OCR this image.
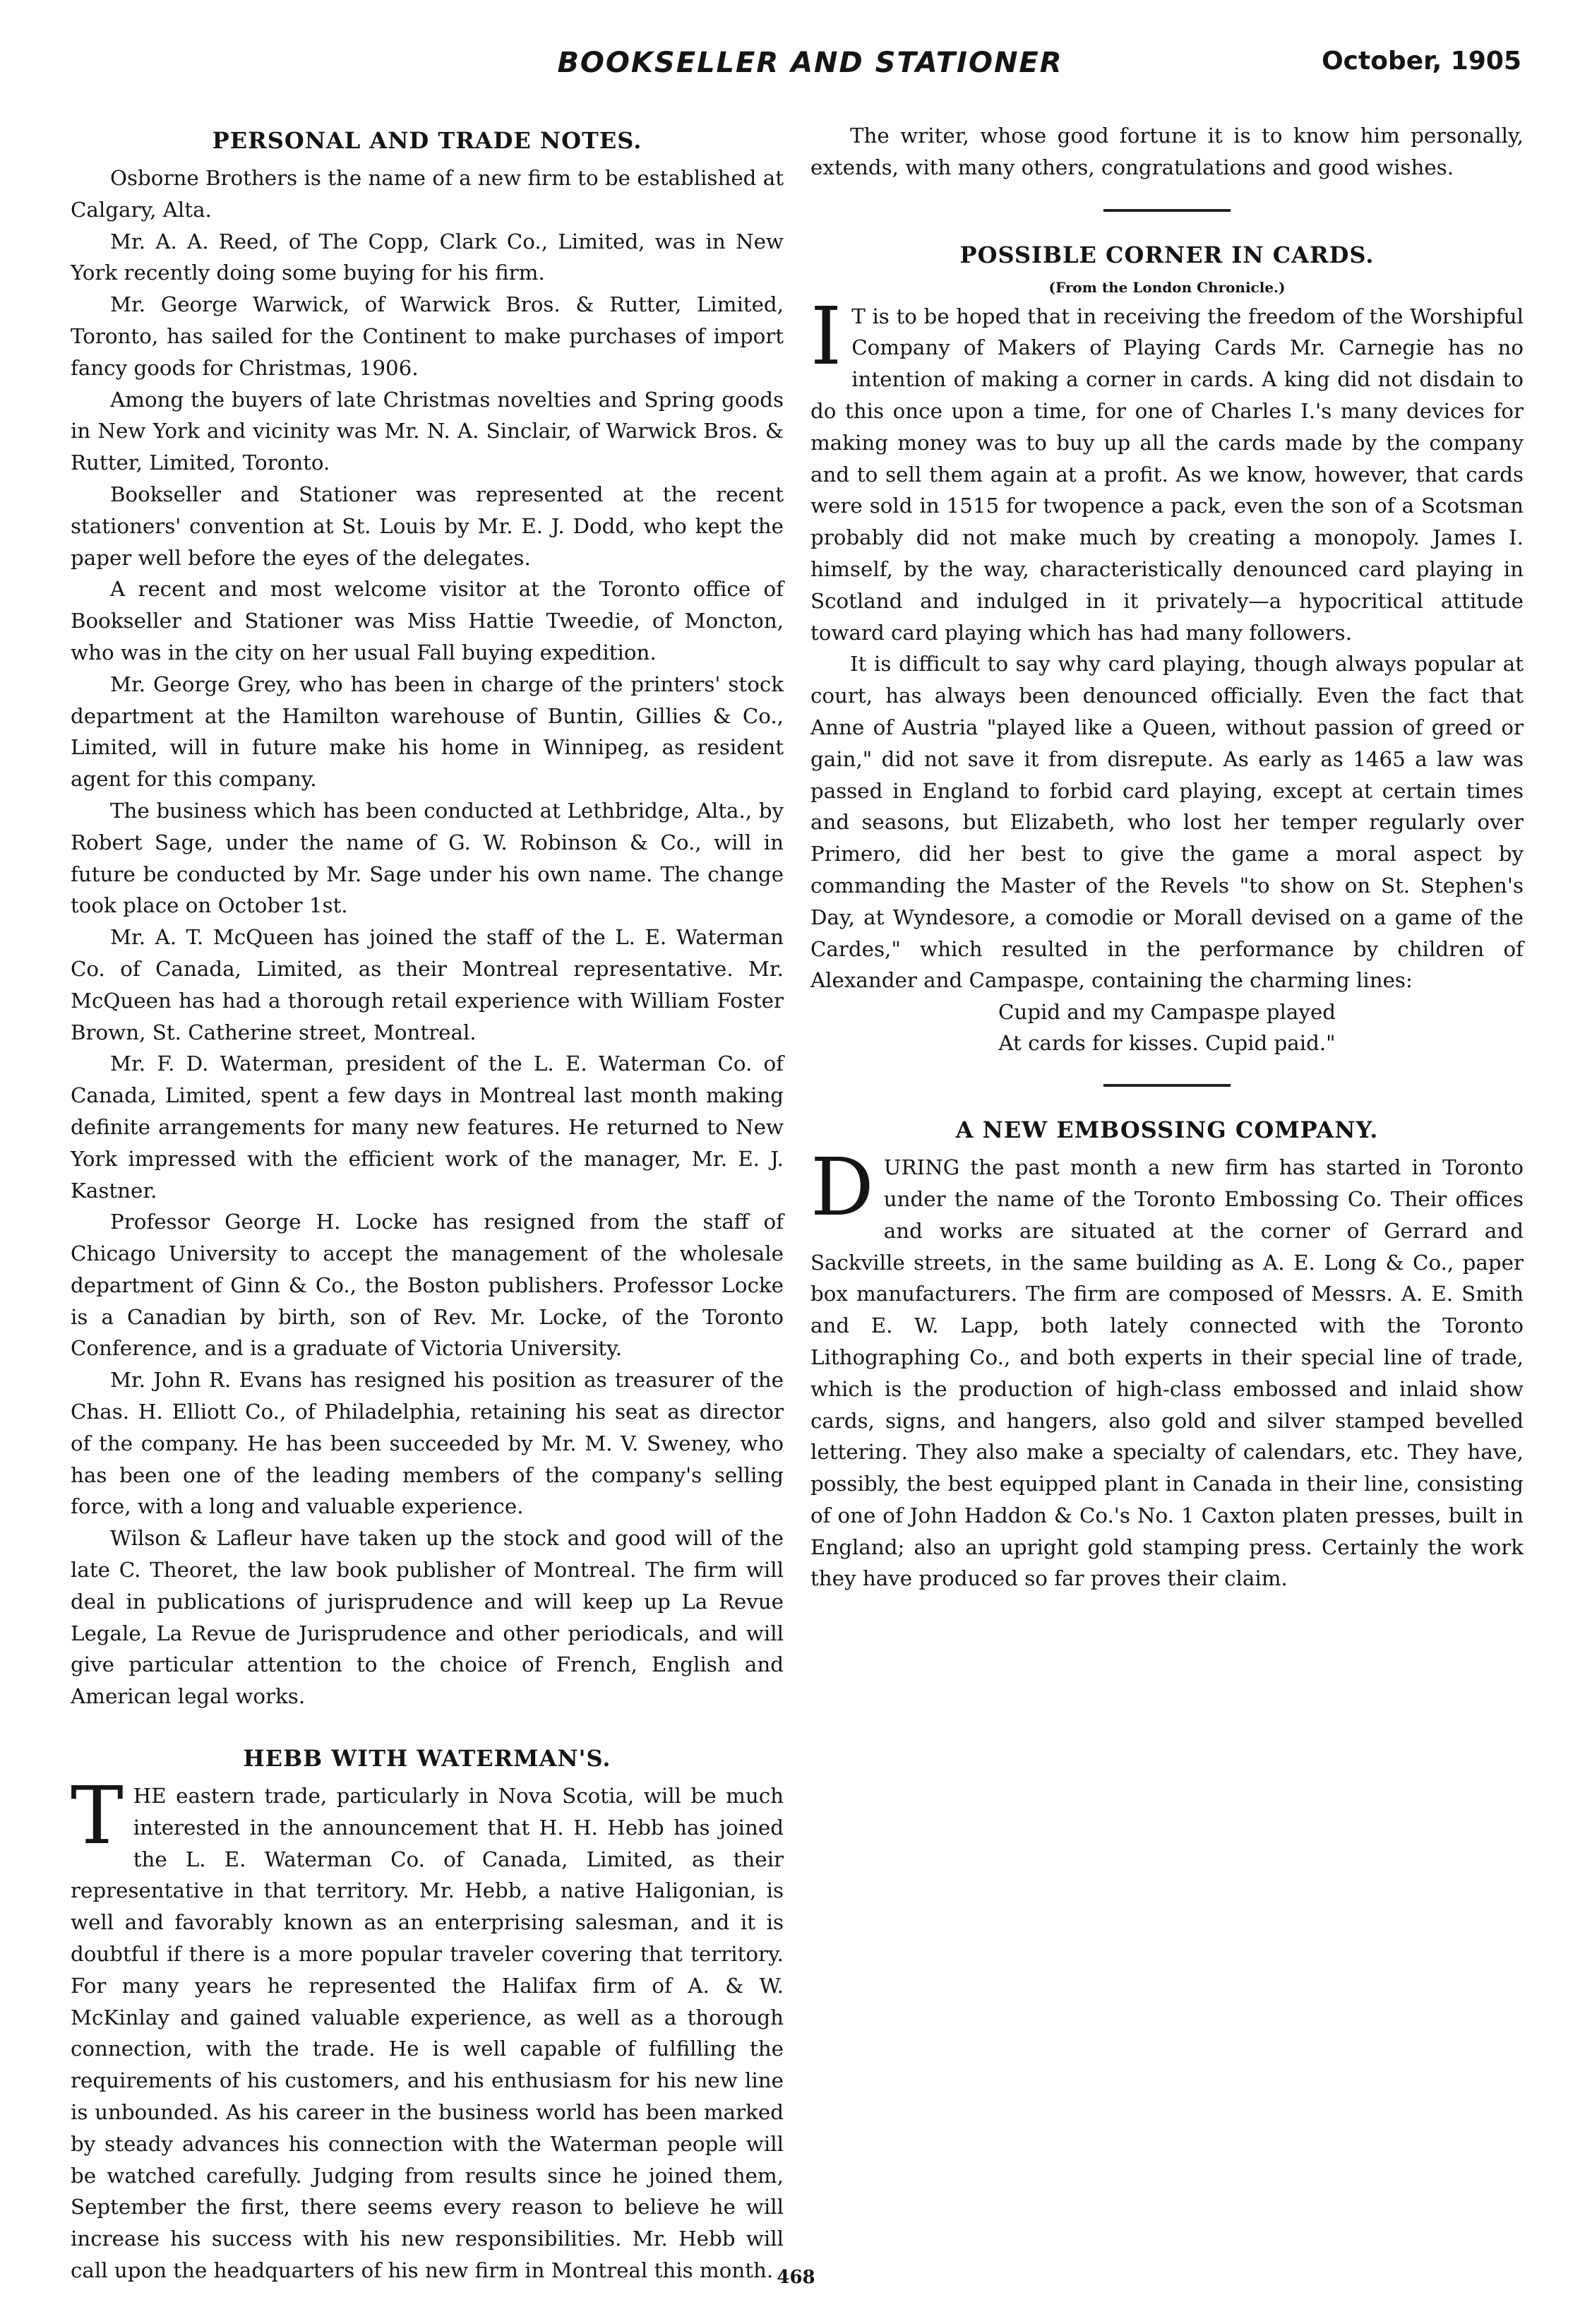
BOOKSELLER AND STATIONER	October, 1905
PERSONAL AND TRADE NOTES.

Osborne Brothers is the name of a new firm to be established at Calgary, Alta.

Mr. A. A. Reed, of The Copp, Clark Co., Limited, was in New York recently doing some buying for his firm.

Mr. George Warwick, of Warwick Bros. & Rutter, Limited, Toronto, has sailed for the Continent to make purchases of import fancy goods for Christmas, 1906.

Among the buyers of late Christmas novelties and Spring goods in New York and vicinity was Mr. N. A. Sinclair, of Warwick Bros. & Rutter, Limited, Toronto.

Bookseller and Stationer was represented at the recent stationers' convention at St. Louis by Mr. E. J. Dodd, who kept the paper well before the eyes of the delegates.

A recent and most welcome visitor at the Toronto office of Bookseller and Stationer was Miss Hattie Tweedie, of Moncton, who was in the city on her usual Fall buying expedition.

Mr. George Grey, who has been in charge of the printers' stock department at the Hamilton warehouse of Buntin, Gillies & Co., Limited, will in future make his home in Winnipeg, as resident agent for this company.

The business which has been conducted at Lethbridge, Alta., by Robert Sage, under the name of G. W. Robinson & Co., will in future be conducted by Mr. Sage under his own name. The change took place on October 1st.

Mr. A. T. McQueen has joined the staff of the L. E. Waterman Co. of Canada, Limited, as their Montreal representative. Mr. McQueen has had a thorough retail experience with William Foster Brown, St. Catherine street, Montreal.

Mr. F. D. Waterman, president of the L. E. Waterman Co. of Canada, Limited, spent a few days in Montreal last month making definite arrangements for many new features. He returned to New York impressed with the efficient work of the manager, Mr. E. J. Kastner.

Professor George H. Locke has resigned from the staff of Chicago University to accept the management of the wholesale department of Ginn & Co., the Boston publishers. Professor Locke is a Canadian by birth, son of Rev. Mr. Locke, of the Toronto Conference, and is a graduate of Victoria University.

Mr. John R. Evans has resigned his position as treasurer of the Chas. H. Elliott Co., of Philadelphia, retaining his seat as director of the company. He has been succeeded by Mr. M. V. Sweney, who has been one of the leading members of the company's selling force, with a long and valuable experience.

Wilson & Lafleur have taken up the stock and good will of the late C. Theoret, the law book publisher of Montreal. The firm will deal in publications of jurisprudence and will keep up La Revue Legale, La Revue de Jurisprudence and other periodicals, and will give particular attention to the choice of French, English and American legal works.

HEBB WITH WATERMAN'S.

THE eastern trade, particularly in Nova Scotia, will be much interested in the announcement that H. H. Hebb has joined the L. E. Waterman Co. of Canada, Limited, as their representative in that territory. Mr. Hebb, a native Haligonian, is well and favorably known as an enterprising salesman, and it is doubtful if there is a more popular traveler covering that territory. For many years he represented the Halifax firm of A. & W. McKinlay and gained valuable experience, as well as a thorough connection, with the trade. He is well capable of fulfilling the requirements of his customers, and his enthusiasm for his new line is unbounded. As his career in the business world has been marked by steady advances his connection with the Waterman people will be watched carefully. Judging from results since he joined them, September the first, there seems every reason to believe he will increase his success with his new responsibilities. Mr. Hebb will call upon the headquarters of his new firm in Montreal this month.

The writer, whose good fortune it is to know him personally, extends, with many others, congratulations and good wishes.

POSSIBLE CORNER IN CARDS.
(From the London Chronicle.)

I T is to be hoped that in receiving the freedom of the Worshipful Company of Makers of Playing Cards Mr. Carnegie has no intention of making a corner in cards. A king did not disdain to do this once upon a time, for one of Charles I.'s many devices for making money was to buy up all the cards made by the company and to sell them again at a profit. As we know, however, that cards were sold in 1515 for twopence a pack, even the son of a Scotsman probably did not make much by creating a monopoly. James I. himself, by the way, characteristically denounced card playing in Scotland and indulged in it privately—a hypocritical attitude toward card playing which has had many followers.

It is difficult to say why card playing, though always popular at court, has always been denounced officially. Even the fact that Anne of Austria "played like a Queen, without passion of greed or gain," did not save it from disrepute. As early as 1465 a law was passed in England to forbid card playing, except at certain times and seasons, but Elizabeth, who lost her temper regularly over Primero, did her best to give the game a moral aspect by commanding the Master of the Revels "to show on St. Stephen's Day, at Wyndesore, a comodie or Morall devised on a game of the Cardes," which resulted in the performance by children of Alexander and Campaspe, containing the charming lines:

Cupid and my Campaspe played

At cards for kisses. Cupid paid."

A NEW EMBOSSING COMPANY.

DURING the past month a new firm has started in Toronto under the name of the Toronto Embossing Co. Their offices and works are situated at the corner of Gerrard and Sackville streets, in the same building as A. E. Long & Co., paper box manufacturers. The firm are composed of Messrs. A. E. Smith and E. W. Lapp, both lately connected with the Toronto Lithographing Co., and both experts in their special line of trade, which is the production of high-class embossed and inlaid show cards, signs, and hangers, also gold and silver stamped bevelled lettering. They also make a specialty of calendars, etc. They have, possibly, the best equipped plant in Canada in their line, consisting of one of John Haddon & Co.'s No. 1 Caxton platen presses, built in England; also an upright gold stamping press. Certainly the work they have produced so far proves their claim.

468
